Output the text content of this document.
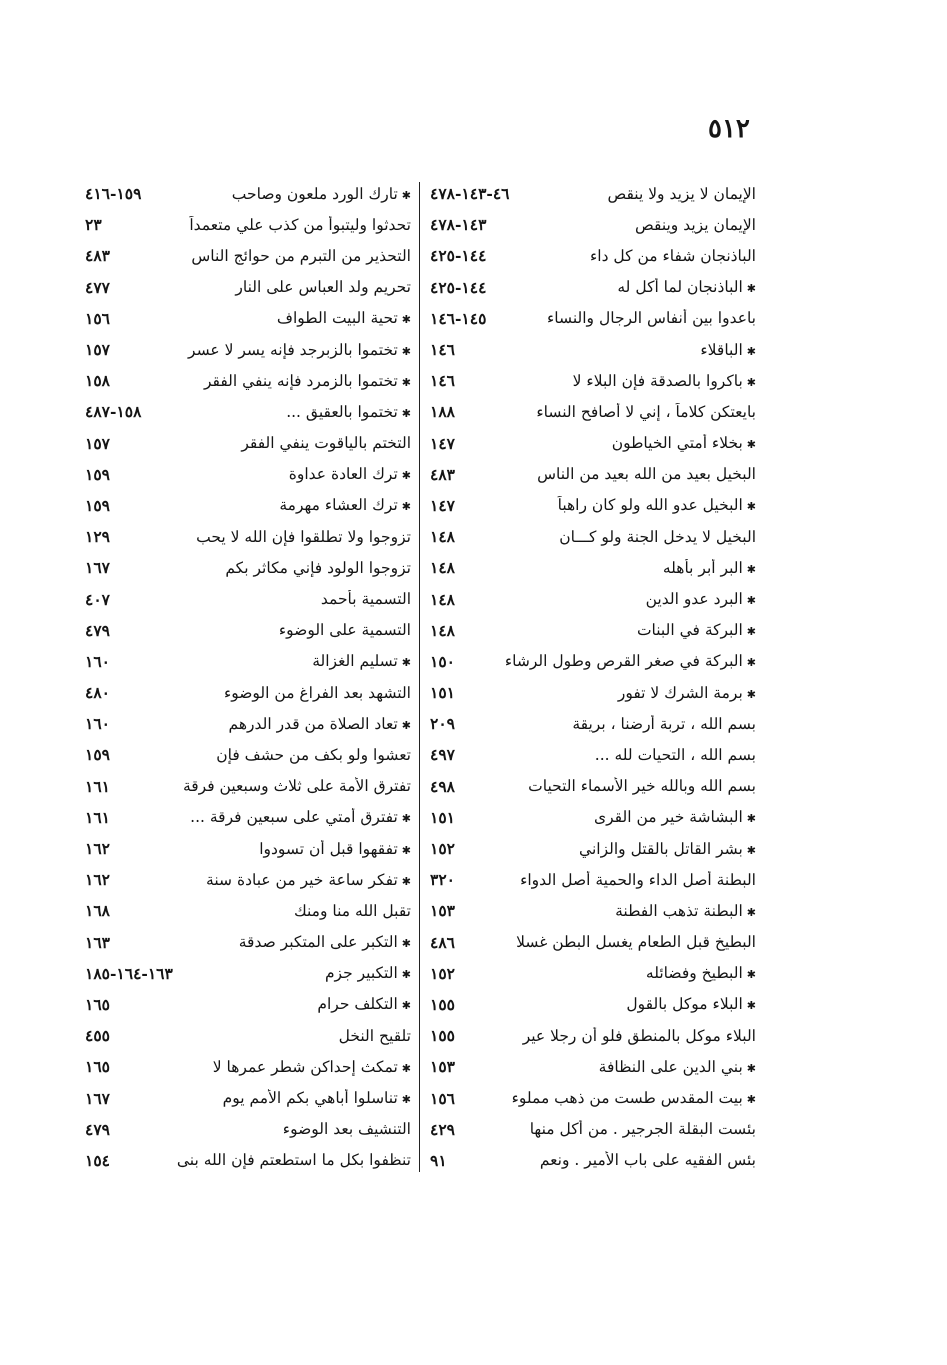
٥١٢
الإيمان لا يزيد ولا ينقص
٤٦-١٤٣-٤٧٨
الإيمان يزيد وينقص
١٤٣-٤٧٨
الباذنجان شفاء من كل داء
١٤٤-٤٢٥
✱الباذنجان لما أكل له
١٤٤-٤٢٥
باعدوا بين أنفاس الرجال والنساء
١٤٥-١٤٦
✱الباقلاء
١٤٦
✱باكروا بالصدقة فإن البلاء لا
١٤٦
بايعتكن كلاماً ، إني لا أصافح النساء
١٨٨
✱بخلاء أمتي الخياطون
١٤٧
البخيل بعيد من الله بعيد من الناس
٤٨٣
✱البخيل عدو الله ولو كان راهباً
١٤٧
البخيل لا يدخل الجنة ولو كـــان
١٤٨
✱البر أبر بأهله
١٤٨
✱البرد عدو الدين
١٤٨
✱البركة في البنات
١٤٨
✱البركة في صغر القرص وطول الرشاء
١٥٠
✱برمة الشرك لا تفور
١٥١
بسم الله ، تربة أرضنا ، بريقة
٢٠٩
بسم الله ، التحيات لله ...
٤٩٧
بسم الله وبالله خير الأسماء التحيات
٤٩٨
✱البشاشة خير من القرى
١٥١
✱بشر القاتل بالقتل والزاني
١٥٢
البطنة أصل الداء والحمية أصل الدواء
٣٢٠
✱البطنة تذهب الفطنة
١٥٣
البطيخ قبل الطعام يغسل البطن غسلا
٤٨٦
✱البطيخ وفضائله
١٥٢
✱البلاء موكل بالقول
١٥٥
البلاء موكل بالمنطق فلو أن رجلا عير
١٥٥
✱بني الدين على النظافة
١٥٣
✱بيت المقدس طست من ذهب مملوء
١٥٦
بئست البقلة الجرجير . من أكل منها
٤٢٩
بئس الفقيه على باب الأمير . ونعم
٩١
✱تارك الورد ملعون وصاحب
١٥٩-٤١٦
تحدثوا وليتبوأ من كذب علي متعمداً
٢٣
التحذير من التبرم من حوائج الناس
٤٨٣
تحريم ولد العباس على النار
٤٧٧
✱تحية البيت الطواف
١٥٦
✱تختموا بالزبرجد فإنه يسر لا عسر
١٥٧
✱تختموا بالزمرد فإنه ينفي الفقر
١٥٨
✱تختموا بالعقيق ...
١٥٨-٤٨٧
التختم بالياقوت ينفي الفقر
١٥٧
✱ترك العادة عداوة
١٥٩
✱ترك العشاء مهرمة
١٥٩
تزوجوا ولا تطلقوا فإن الله لا يحب
١٢٩
تزوجوا الولود فإني مكاثر بكم
١٦٧
التسمية بأحمد
٤٠٧
التسمية على الوضوء
٤٧٩
✱تسليم الغزالة
١٦٠
التشهد بعد الفراغ من الوضوء
٤٨٠
✱تعاد الصلاة من قدر الدرهم
١٦٠
تعشوا ولو بكف من حشف فإن
١٥٩
تفترق الأمة على ثلاث وسبعين فرقة
١٦١
✱تفترق أمتي على سبعين فرقة ...
١٦١
✱تفقهوا قبل أن تسودوا
١٦٢
✱تفكر ساعة خير من عبادة سنة
١٦٢
تقبل الله منا ومنك
١٦٨
✱التكبر على المتكبر صدقة
١٦٣
✱التكبير جزم
١٦٣-١٦٤-١٨٥
✱التكلف حرام
١٦٥
تلقيح النخل
٤٥٥
✱تمكث إحداكن شطر عمرها لا
١٦٥
✱تناسلوا أباهي بكم الأمم يوم
١٦٧
التنشيف بعد الوضوء
٤٧٩
تنظفوا بكل ما استطعتم فإن الله بنى
١٥٤
